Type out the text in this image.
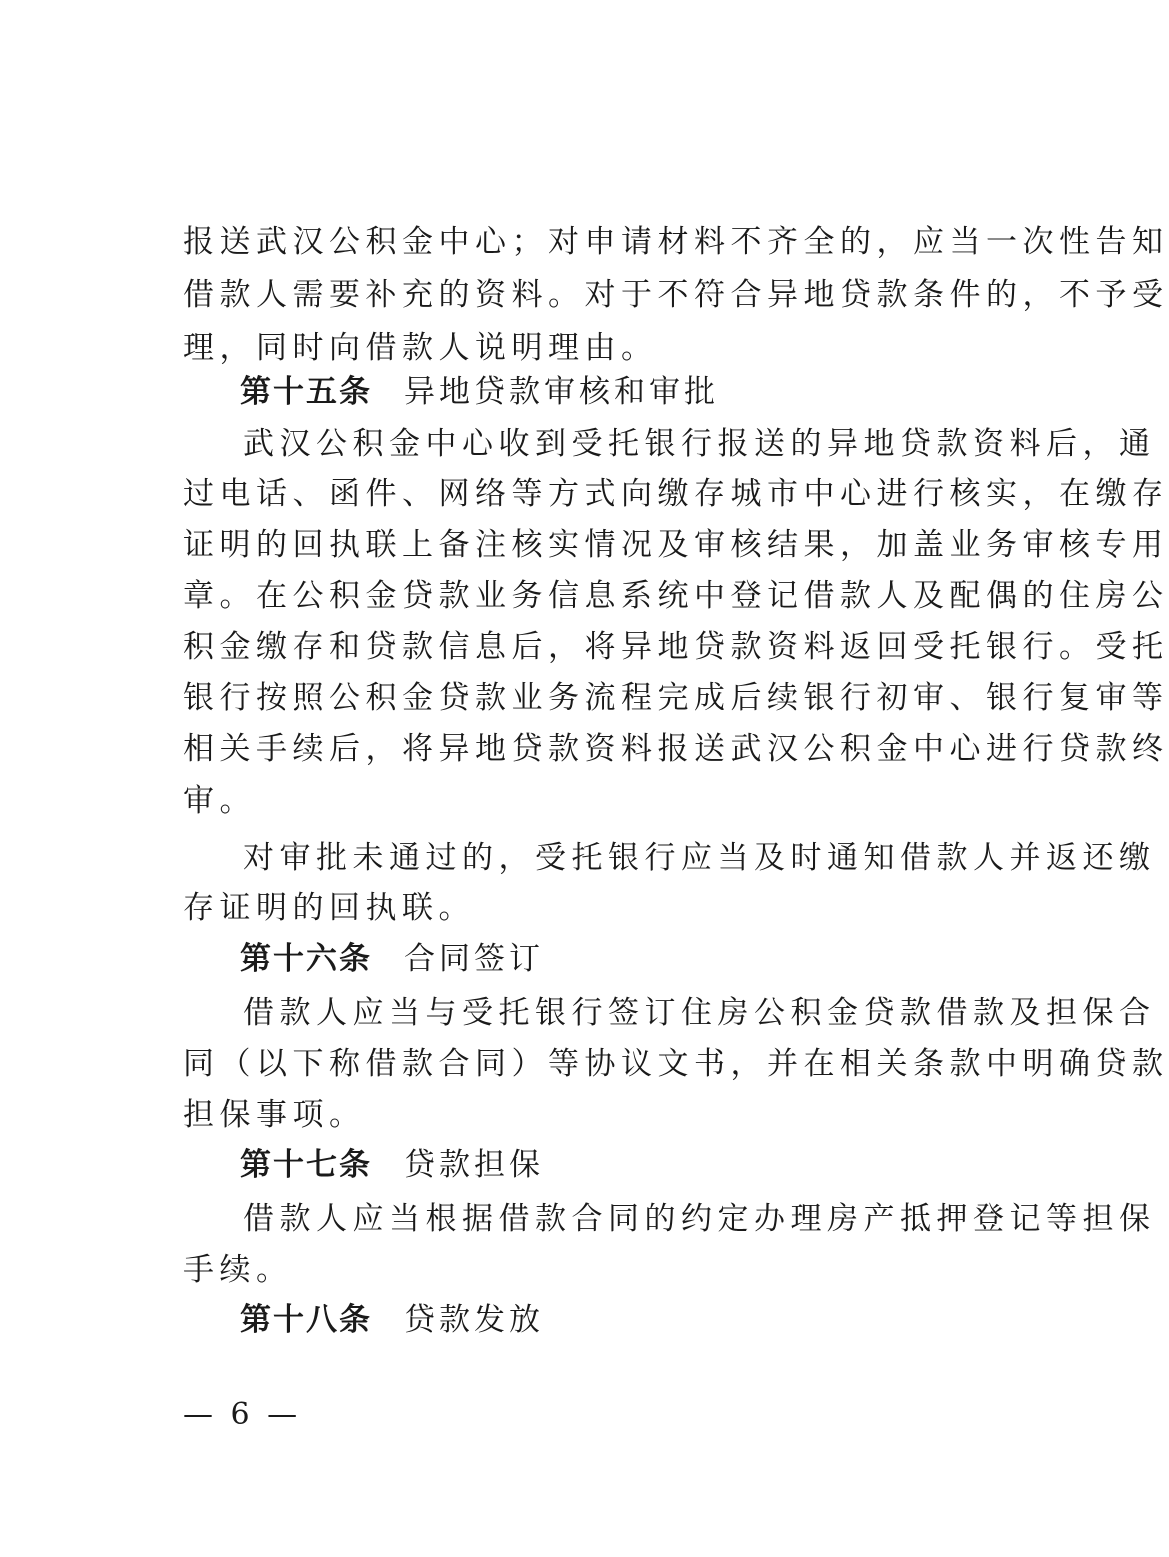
报送武汉公积金中心；对申请材料不齐全的，应当一次性告知
借款人需要补充的资料。对于不符合异地贷款条件的，不予受
理，同时向借款人说明理由。
第十五条 异地贷款审核和审批
武汉公积金中心收到受托银行报送的异地贷款资料后，通
过电话、函件、网络等方式向缴存城市中心进行核实，在缴存
证明的回执联上备注核实情况及审核结果，加盖业务审核专用
章。在公积金贷款业务信息系统中登记借款人及配偶的住房公
积金缴存和贷款信息后，将异地贷款资料返回受托银行。受托
银行按照公积金贷款业务流程完成后续银行初审、银行复审等
相关手续后，将异地贷款资料报送武汉公积金中心进行贷款终
审。
对审批未通过的，受托银行应当及时通知借款人并返还缴
存证明的回执联。
第十六条 合同签订
借款人应当与受托银行签订住房公积金贷款借款及担保合
同（以下称借款合同）等协议文书，并在相关条款中明确贷款
担保事项。
第十七条 贷款担保
借款人应当根据借款合同的约定办理房产抵押登记等担保
手续。
第十八条 贷款发放
— 6 —
